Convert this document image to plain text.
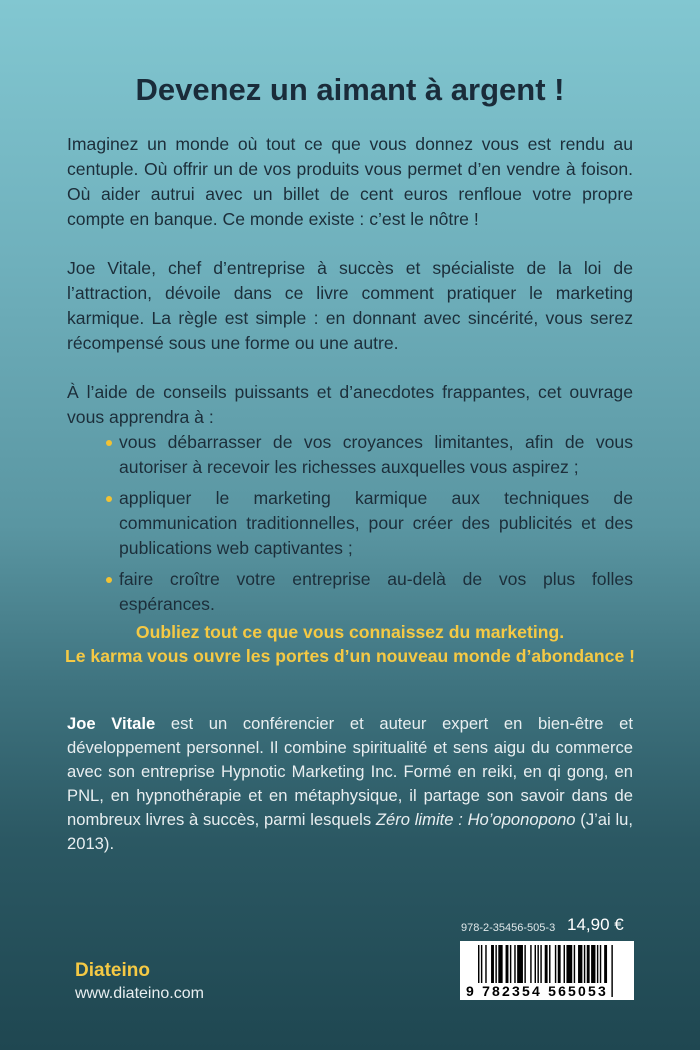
Devenez un aimant à argent !

Imaginez un monde où tout ce que vous donnez vous est rendu au centuple. Où offrir un de vos produits vous permet d’en vendre à foison. Où aider autrui avec un billet de cent euros renfloue votre propre compte en banque. Ce monde existe : c’est le nôtre !

Joe Vitale, chef d’entreprise à succès et spécialiste de la loi de l’attraction, dévoile dans ce livre comment pratiquer le marketing karmique. La règle est simple : en donnant avec sincérité, vous serez récompensé sous une forme ou une autre.

À l’aide de conseils puissants et d’anecdotes frappantes, cet ouvrage vous apprendra à :

vous débarrasser de vos croyances limitantes, afin de vous autoriser à recevoir les richesses auxquelles vous aspirez ;
appliquer le marketing karmique aux techniques de communication traditionnelles, pour créer des publicités et des publications web captivantes ;
faire croître votre entreprise au-delà de vos plus folles espérances.
Oubliez tout ce que vous connaissez du marketing.
Le karma vous ouvre les portes d’un nouveau monde d’abondance !
Joe Vitale est un conférencier et auteur expert en bien-être et développement personnel. Il combine spiritualité et sens aigu du commerce avec son entreprise Hypnotic Marketing Inc. Formé en reiki, en qi gong, en PNL, en hypnothérapie et en métaphysique, il partage son savoir dans de nombreux livres à succès, parmi lesquels Zéro limite : Ho’oponopono (J’ai lu, 2013).
Diateino
www.diateino.com
978-2-35456-505-3 14,90 €
9 782354 565053
